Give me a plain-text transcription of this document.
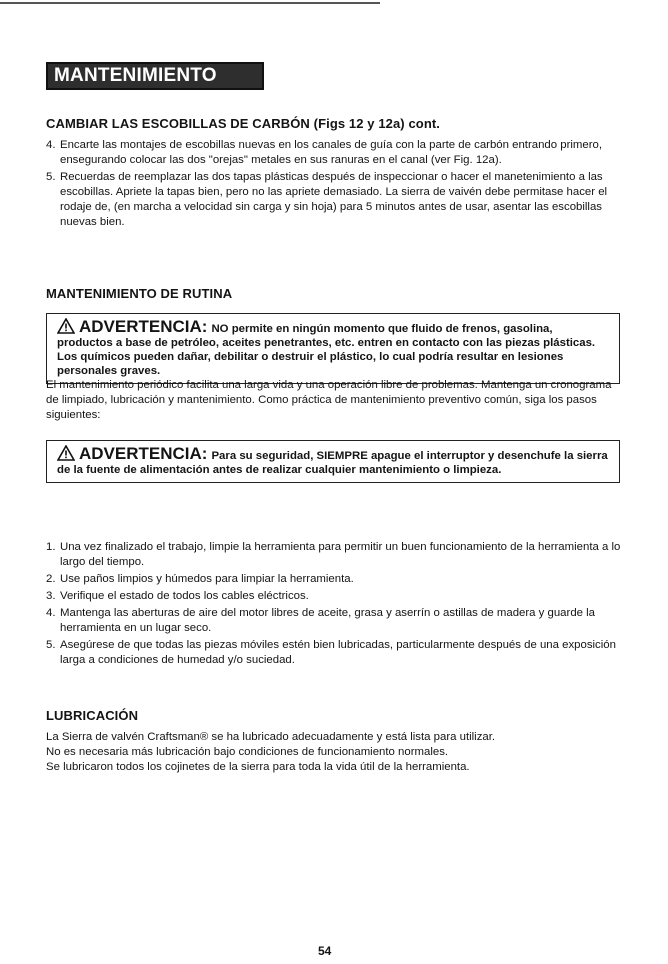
MANTENIMIENTO cont.
CAMBIAR LAS ESCOBILLAS DE CARBÓN (Figs 12 y 12a) cont.
4. Encarte las montajes de escobillas nuevas en los canales de guía con la parte de carbón entrando primero, ensegurando colocar las dos "orejas" metales en sus ranuras en el canal (ver Fig. 12a).
5. Recuerdas de reemplazar las dos tapas plásticas después de inspeccionar o hacer el manetenimiento a las escobillas. Apriete la tapas bien, pero no las apriete demasiado. La sierra de vaivén debe permitase hacer el rodaje de, (en marcha a velocidad sin carga y sin hoja) para 5 minutos antes de usar, asentar las escobillas nuevas bien.
MANTENIMIENTO DE RUTINA
ADVERTENCIA: NO permite en ningún momento que fluido de frenos, gasolina, productos a base de petróleo, aceites penetrantes, etc. entren en contacto con las piezas plásticas. Los químicos pueden dañar, debilitar o destruir el plástico, lo cual podría resultar en lesiones personales graves.
El mantenimiento periódico facilita una larga vida y una operación libre de problemas. Mantenga un cronograma de limpiado, lubricación y mantenimiento. Como práctica de mantenimiento preventivo común, siga los pasos siguientes:
ADVERTENCIA: Para su seguridad, SIEMPRE apague el interruptor y desenchufe la sierra de la fuente de alimentación antes de realizar cualquier mantenimiento o limpieza.
1. Una vez finalizado el trabajo, limpie la herramienta para permitir un buen funcionamiento de la herramienta a lo largo del tiempo.
2. Use paños limpios y húmedos para limpiar la herramienta.
3. Verifique el estado de todos los cables eléctricos.
4. Mantenga las aberturas de aire del motor libres de aceite, grasa y aserrín o astillas de madera y guarde la herramienta en un lugar seco.
5. Asegúrese de que todas las piezas móviles estén bien lubricadas, particularmente después de una exposición larga a condiciones de humedad y/o suciedad.
LUBRICACIÓN
La Sierra de valvén Craftsman® se ha lubricado adecuadamente y está lista para utilizar.
No es necesaria más lubricación bajo condiciones de funcionamiento normales.
Se lubricaron todos los cojinetes de la sierra para toda la vida útil de la herramienta.
54
